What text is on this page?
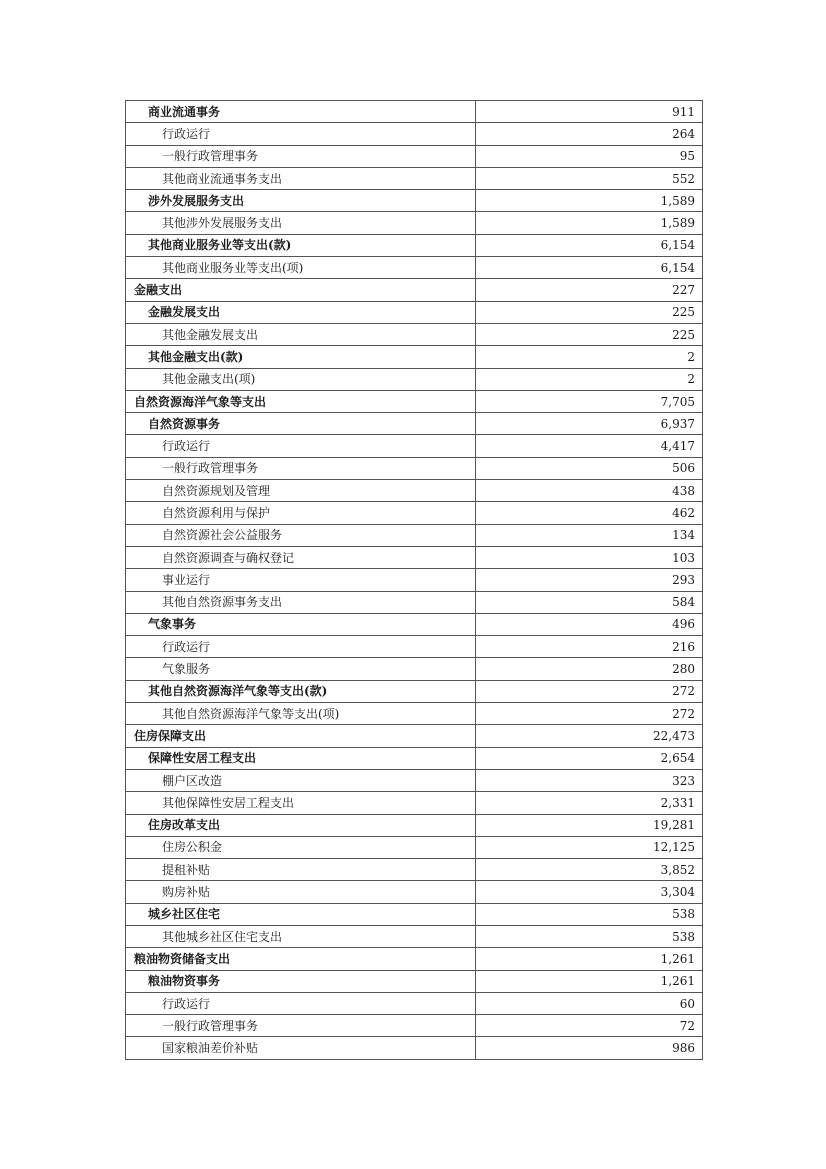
商业流通事务	911
行政运行	264
一般行政管理事务	95
其他商业流通事务支出	552
涉外发展服务支出	1,589
其他涉外发展服务支出	1,589
其他商业服务业等支出(款)	6,154
其他商业服务业等支出(项)	6,154
金融支出	227
金融发展支出	225
其他金融发展支出	225
其他金融支出(款)	2
其他金融支出(项)	2
自然资源海洋气象等支出	7,705
自然资源事务	6,937
行政运行	4,417
一般行政管理事务	506
自然资源规划及管理	438
自然资源利用与保护	462
自然资源社会公益服务	134
自然资源调查与确权登记	103
事业运行	293
其他自然资源事务支出	584
气象事务	496
行政运行	216
气象服务	280
其他自然资源海洋气象等支出(款)	272
其他自然资源海洋气象等支出(项)	272
住房保障支出	22,473
保障性安居工程支出	2,654
棚户区改造	323
其他保障性安居工程支出	2,331
住房改革支出	19,281
住房公积金	12,125
提租补贴	3,852
购房补贴	3,304
城乡社区住宅	538
其他城乡社区住宅支出	538
粮油物资储备支出	1,261
粮油物资事务	1,261
行政运行	60
一般行政管理事务	72
国家粮油差价补贴	986
